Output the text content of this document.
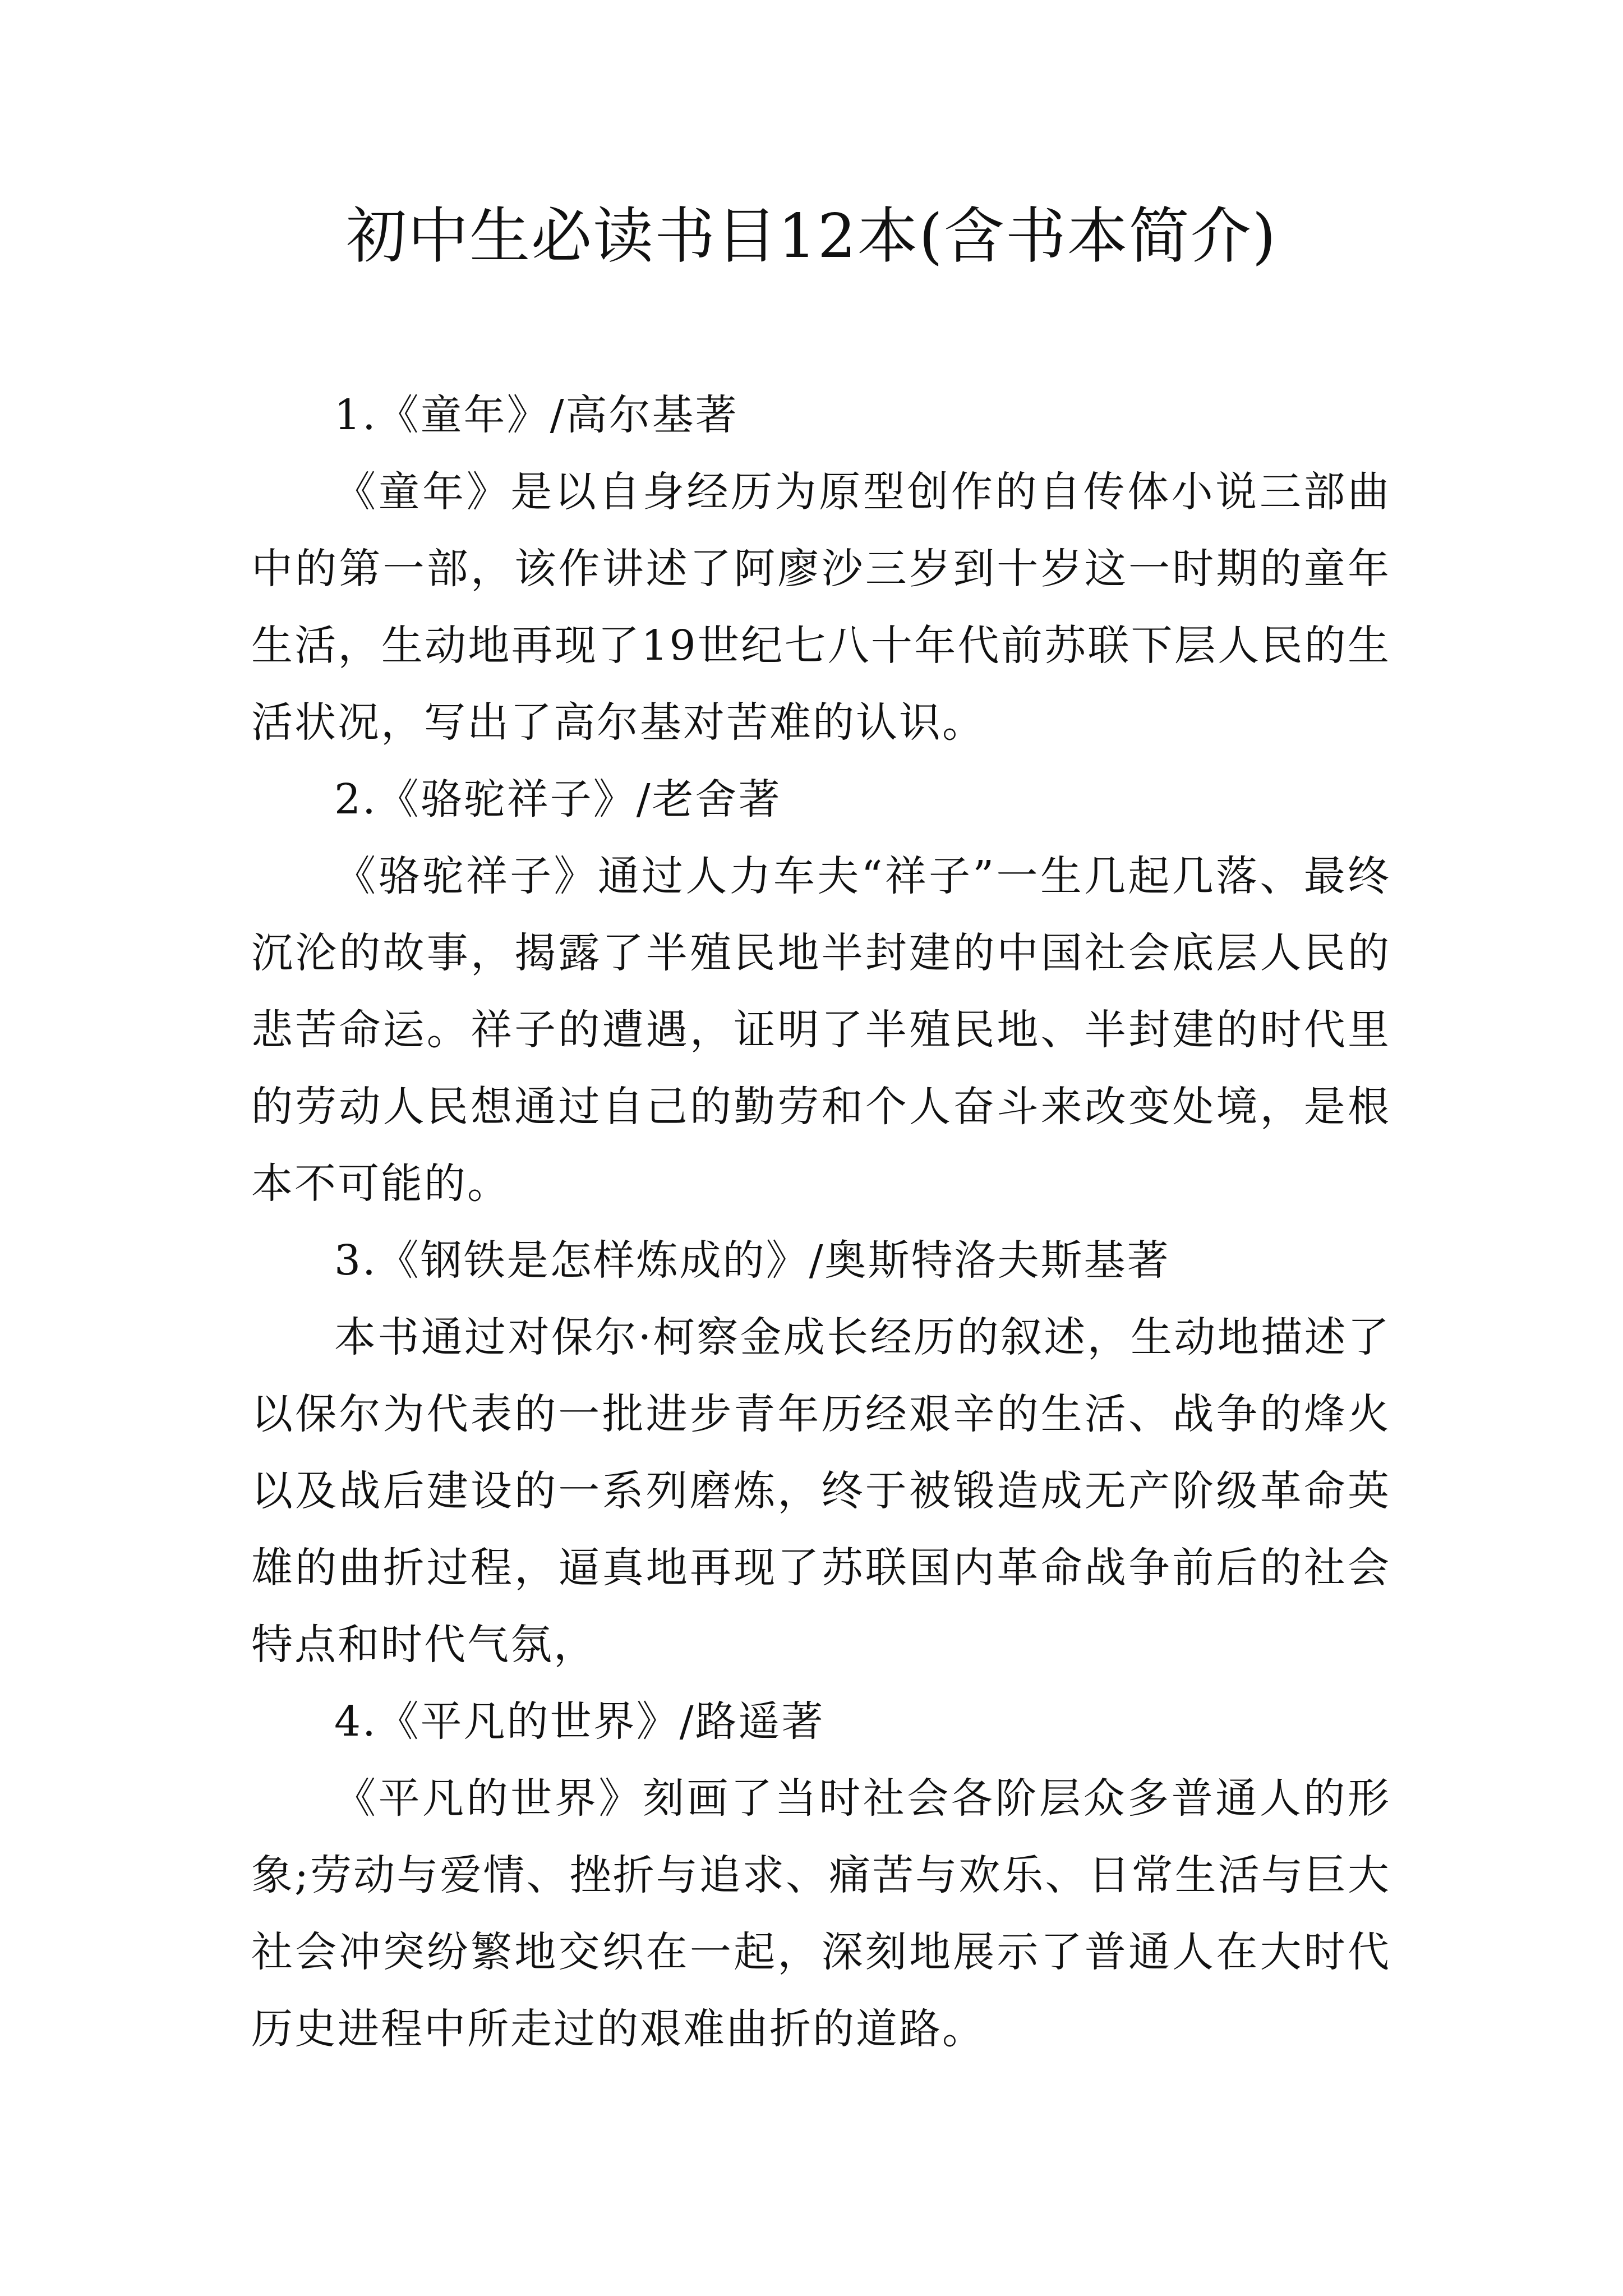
初中生必读书目12本(含书本简介)

1.《童年》/高尔基著

《童年》是以自身经历为原型创作的自传体小说三部曲中的第一部，该作讲述了阿廖沙三岁到十岁这一时期的童年生活，生动地再现了19世纪七八十年代前苏联下层人民的生活状况，写出了高尔基对苦难的认识。

2.《骆驼祥子》/老舍著

《骆驼祥子》通过人力车夫“祥子”一生几起几落、最终沉沦的故事，揭露了半殖民地半封建的中国社会底层人民的悲苦命运。祥子的遭遇，证明了半殖民地、半封建的时代里的劳动人民想通过自己的勤劳和个人奋斗来改变处境，是根本不可能的。

3.《钢铁是怎样炼成的》/奥斯特洛夫斯基著

本书通过对保尔·柯察金成长经历的叙述，生动地描述了以保尔为代表的一批进步青年历经艰辛的生活、战争的烽火以及战后建设的一系列磨炼，终于被锻造成无产阶级革命英雄的曲折过程，逼真地再现了苏联国内革命战争前后的社会特点和时代气氛，

4.《平凡的世界》/路遥著

《平凡的世界》刻画了当时社会各阶层众多普通人的形象;劳动与爱情、挫折与追求、痛苦与欢乐、日常生活与巨大社会冲突纷繁地交织在一起，深刻地展示了普通人在大时代历史进程中所走过的艰难曲折的道路。
